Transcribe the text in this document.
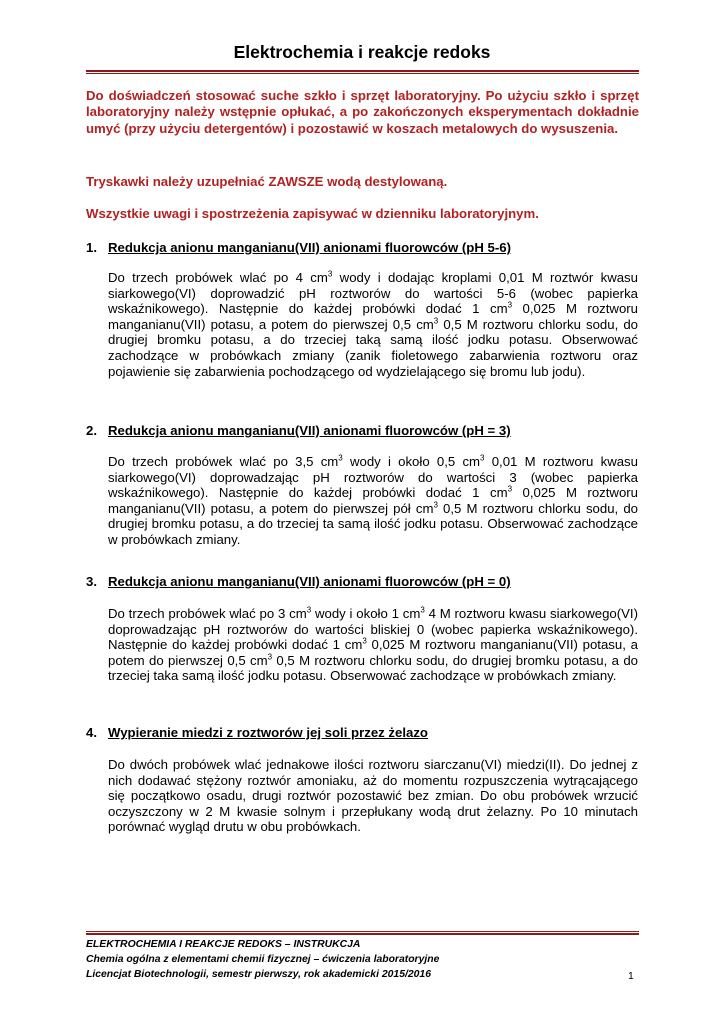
Elektrochemia i reakcje redoks

Do doświadczeń stosować suche szkło i sprzęt laboratoryjny. Po użyciu szkło i sprzęt laboratoryjny należy wstępnie opłukać, a po zakończonych eksperymentach dokładnie umyć (przy użyciu detergentów) i pozostawić w koszach metalowych do wysuszenia.

Tryskawki należy uzupełniać ZAWSZE wodą destylowaną.

Wszystkie uwagi i spostrzeżenia zapisywać w dzienniku laboratoryjnym.

1. Redukcja anionu manganianu(VII) anionami fluorowców (pH 5-6)

Do trzech probówek wlać po 4 $cm^3$ wody i dodając kroplami 0,01 M roztwór kwasu siarkowego(VI) doprowadzić pH roztworów do wartości 5-6 (wobec papierka wskaźnikowego). Następnie do każdej probówki dodać 1 $cm^3$ 0,025 M roztworu manganianu(VII) potasu, a potem do pierwszej 0,5 $cm^3$ 0,5 M roztworu chlorku sodu, do drugiej bromku potasu, a do trzeciej taką samą ilość jodku potasu. Obserwować zachodzące w probówkach zmiany (zanik fioletowego zabarwienia roztworu oraz pojawienie się zabarwienia pochodzącego od wydzielającego się bromu lub jodu).

2. Redukcja anionu manganianu(VII) anionami fluorowców (pH = 3)

Do trzech probówek wlać po 3,5 $cm^3$ wody i około 0,5 $cm^3$ 0,01 M roztworu kwasu siarkowego(VI) doprowadzając pH roztworów do wartości 3 (wobec papierka wskaźnikowego). Następnie do każdej probówki dodać 1 $cm^3$ 0,025 M roztworu manganianu(VII) potasu, a potem do pierwszej pół $cm^3$ 0,5 M roztworu chlorku sodu, do drugiej bromku potasu, a do trzeciej ta samą ilość jodku potasu. Obserwować zachodzące w probówkach zmiany.

3. Redukcja anionu manganianu(VII) anionami fluorowców (pH = 0)

Do trzech probówek wlać po 3 $cm^3$ wody i około 1 $cm^3$ 4 M roztworu kwasu siarkowego(VI) doprowadzając pH roztworów do wartości bliskiej 0 (wobec papierka wskaźnikowego). Następnie do każdej probówki dodać 1 $cm^3$ 0,025 M roztworu manganianu(VII) potasu, a potem do pierwszej 0,5 $cm^3$ 0,5 M roztworu chlorku sodu, do drugiej bromku potasu, a do trzeciej taka samą ilość jodku potasu. Obserwować zachodzące w probówkach zmiany.

4. Wypieranie miedzi z roztworów jej soli przez żelazo

Do dwóch probówek wlać jednakowe ilości roztworu siarczanu(VI) miedzi(II). Do jednej z nich dodawać stężony roztwór amoniaku, aż do momentu rozpuszczenia wytrącającego się początkowo osadu, drugi roztwór pozostawić bez zmian. Do obu probówek wrzucić oczyszczony w 2 M kwasie solnym i przepłukany wodą drut żelazny. Po 10 minutach porównać wygląd drutu w obu probówkach.

ELEKTROCHEMIA I REAKCJE REDOKS – INSTRUKCJA

Chemia ogólna z elementami chemii fizycznej – ćwiczenia laboratoryjne

Licencjat Biotechnologii, semestr pierwszy, rok akademicki 2015/2016	1
